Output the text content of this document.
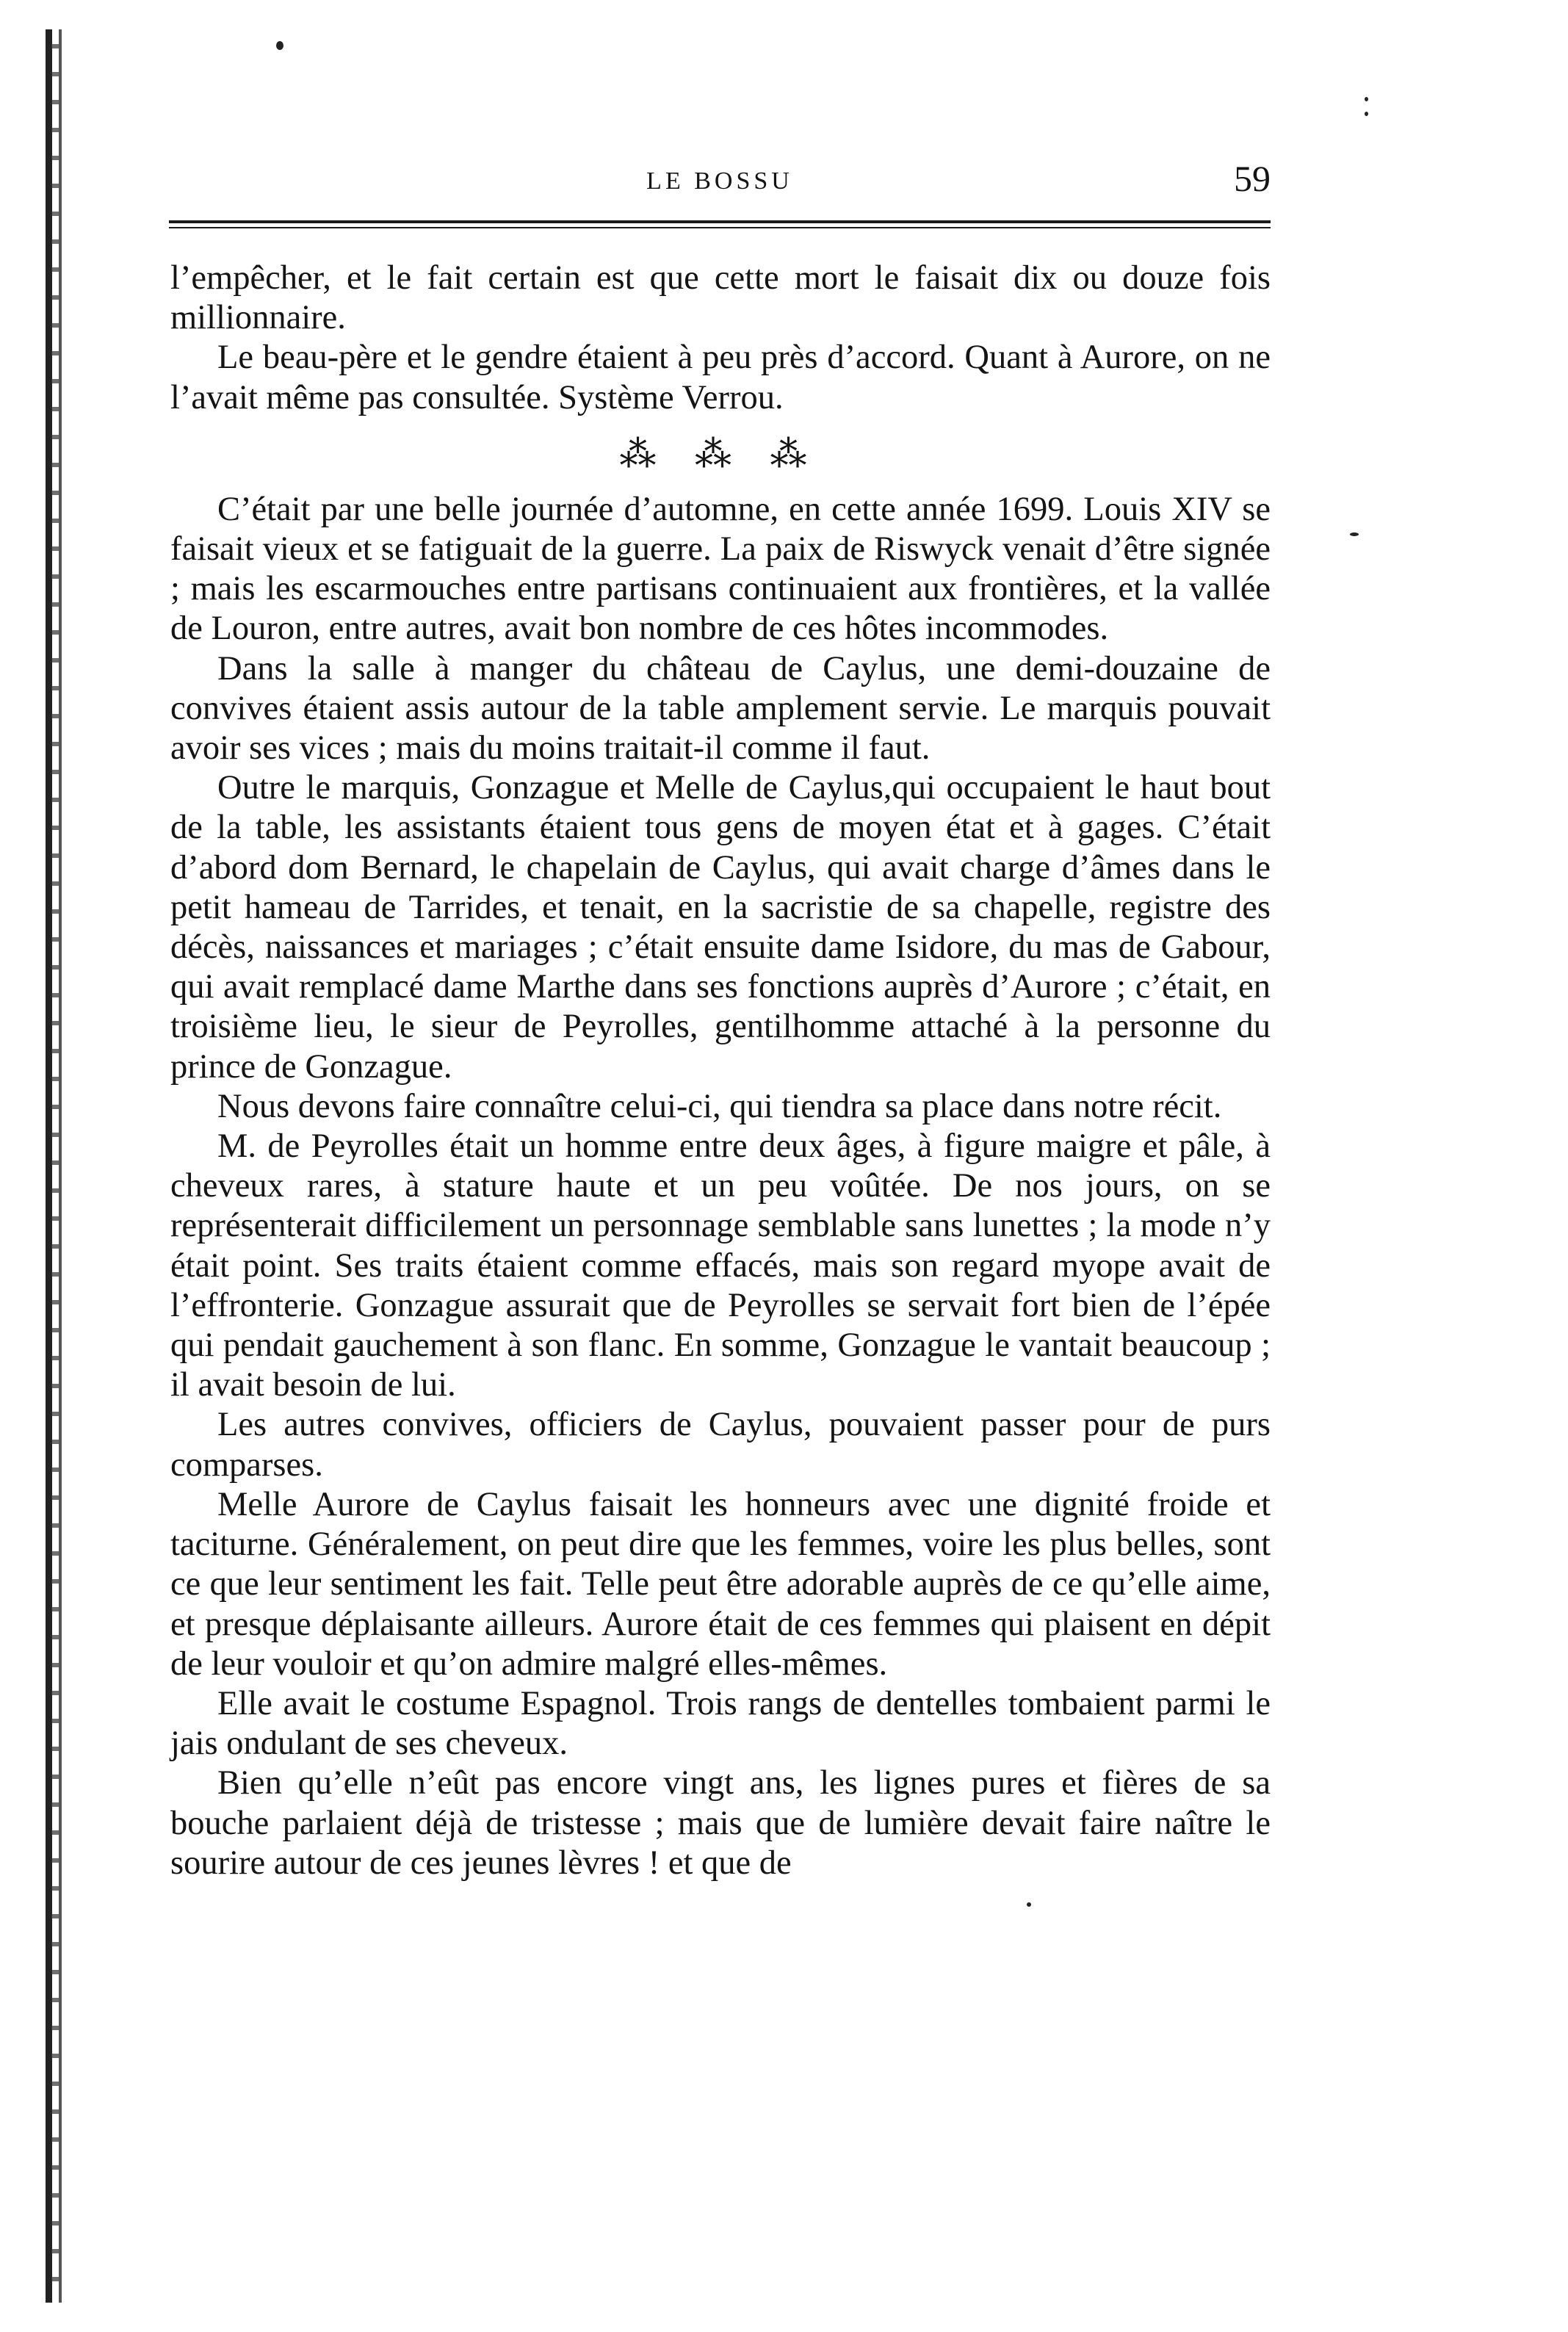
LE BOSSU	59

l’empêcher, et le fait certain est que cette mort le faisait dix ou douze fois millionnaire.

Le beau-père et le gendre étaient à peu près d’accord. Quant à Aurore, on ne l’avait même pas consultée. Système Verrou.

⁂ ⁂ ⁂

C’était par une belle journée d’automne, en cette année 1699. Louis XIV se faisait vieux et se fatiguait de la guerre. La paix de Riswyck venait d’être signée ; mais les escarmouches entre partisans continuaient aux frontières, et la vallée de Louron, entre autres, avait bon nombre de ces hôtes incommodes.

Dans la salle à manger du château de Caylus, une demi-douzaine de convives étaient assis autour de la table amplement servie. Le marquis pouvait avoir ses vices ; mais du moins traitait-il comme il faut.

Outre le marquis, Gonzague et Melle de Caylus,qui occupaient le haut bout de la table, les assistants étaient tous gens de moyen état et à gages. C’était d’abord dom Bernard, le chapelain de Caylus, qui avait charge d’âmes dans le petit hameau de Tarrides, et tenait, en la sacristie de sa chapelle, registre des décès, naissances et mariages ; c’était ensuite dame Isidore, du mas de Gabour, qui avait remplacé dame Marthe dans ses fonctions auprès d’Aurore ; c’était, en troisième lieu, le sieur de Peyrolles, gentilhomme attaché à la personne du prince de Gonzague.

Nous devons faire connaître celui-ci, qui tiendra sa place dans notre récit.

M. de Peyrolles était un homme entre deux âges, à figure maigre et pâle, à cheveux rares, à stature haute et un peu voûtée. De nos jours, on se représenterait difficilement un personnage semblable sans lunettes ; la mode n’y était point. Ses traits étaient comme effacés, mais son regard myope avait de l’effronterie. Gonzague assurait que de Peyrolles se servait fort bien de l’épée qui pendait gauchement à son flanc. En somme, Gonzague le vantait beaucoup ; il avait besoin de lui.

Les autres convives, officiers de Caylus, pouvaient passer pour de purs comparses.

Melle Aurore de Caylus faisait les honneurs avec une dignité froide et taciturne. Généralement, on peut dire que les femmes, voire les plus belles, sont ce que leur sentiment les fait. Telle peut être adorable auprès de ce qu’elle aime, et presque déplaisante ailleurs. Aurore était de ces femmes qui plaisent en dépit de leur vouloir et qu’on admire malgré elles-mêmes.

Elle avait le costume Espagnol. Trois rangs de dentelles tombaient parmi le jais ondulant de ses cheveux.

Bien qu’elle n’eût pas encore vingt ans, les lignes pures et fières de sa bouche parlaient déjà de tristesse ; mais que de lumière devait faire naître le sourire autour de ces jeunes lèvres ! et que de
